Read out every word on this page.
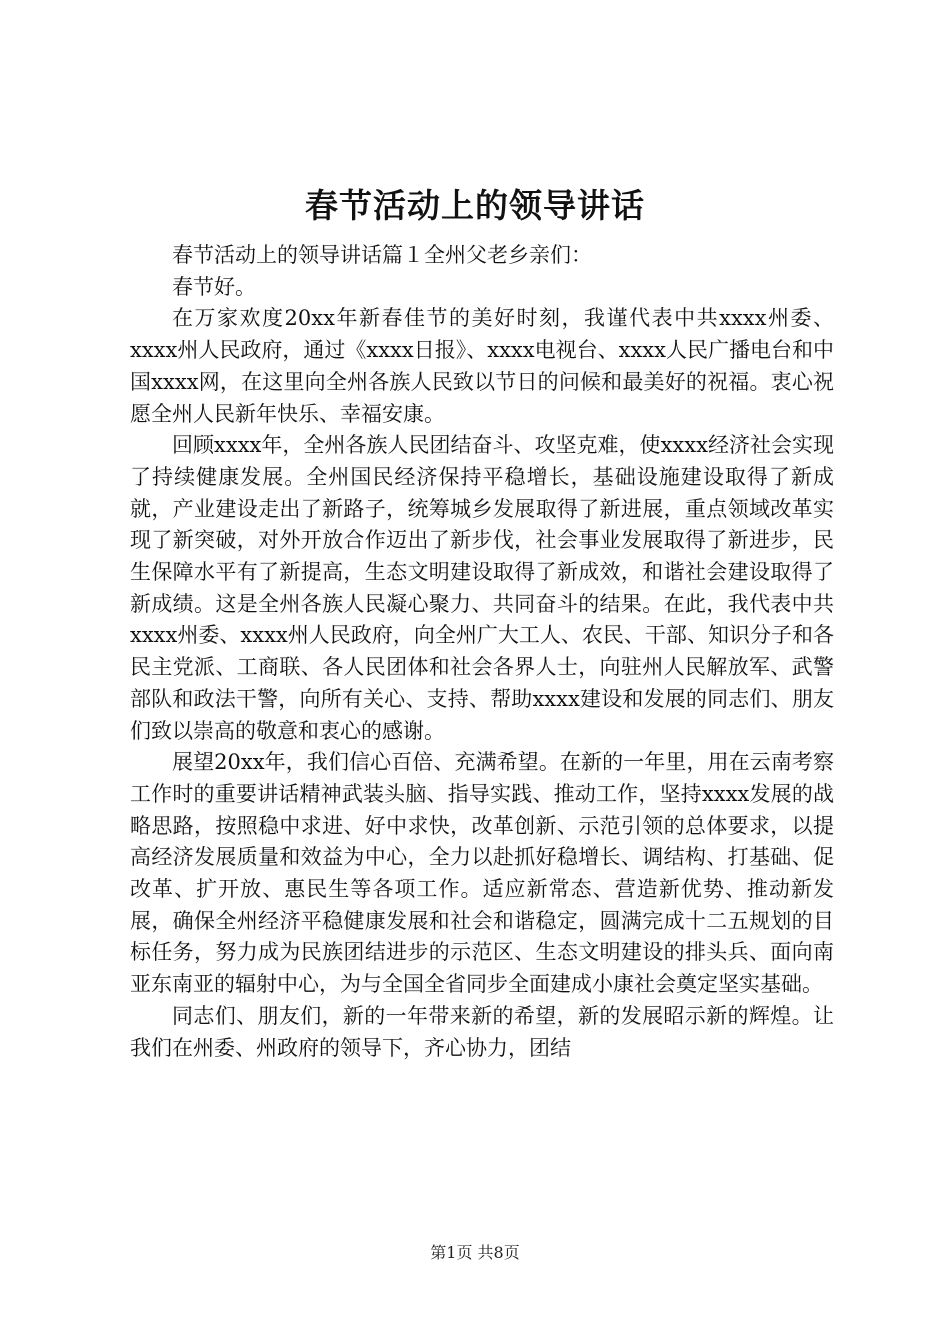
春节活动上的领导讲话

春节活动上的领导讲话篇１全州父老乡亲们：

春节好。

在万家欢度20xx年新春佳节的美好时刻，我谨代表中共xxxx州委、xxxx州人民政府，通过《xxxx日报》、xxxx电视台、xxxx人民广播电台和中国xxxx网，在这里向全州各族人民致以节日的问候和最美好的祝福。衷心祝愿全州人民新年快乐、幸福安康。

回顾xxxx年，全州各族人民团结奋斗、攻坚克难，使xxxx经济社会实现了持续健康发展。全州国民经济保持平稳增长，基础设施建设取得了新成就，产业建设走出了新路子，统筹城乡发展取得了新进展，重点领域改革实现了新突破，对外开放合作迈出了新步伐，社会事业发展取得了新进步，民生保障水平有了新提高，生态文明建设取得了新成效，和谐社会建设取得了新成绩。这是全州各族人民凝心聚力、共同奋斗的结果。在此，我代表中共xxxx州委、xxxx州人民政府，向全州广大工人、农民、干部、知识分子和各民主党派、工商联、各人民团体和社会各界人士，向驻州人民解放军、武警部队和政法干警，向所有关心、支持、帮助xxxx建设和发展的同志们、朋友们致以崇高的敬意和衷心的感谢。

展望20xx年，我们信心百倍、充满希望。在新的一年里，用在云南考察工作时的重要讲话精神武装头脑、指导实践、推动工作，坚持xxxx发展的战略思路，按照稳中求进、好中求快，改革创新、示范引领的总体要求，以提高经济发展质量和效益为中心，全力以赴抓好稳增长、调结构、打基础、促改革、扩开放、惠民生等各项工作。适应新常态、营造新优势、推动新发展，确保全州经济平稳健康发展和社会和谐稳定，圆满完成十二五规划的目标任务，努力成为民族团结进步的示范区、生态文明建设的排头兵、面向南亚东南亚的辐射中心，为与全国全省同步全面建成小康社会奠定坚实基础。

同志们、朋友们，新的一年带来新的希望，新的发展昭示新的辉煌。让我们在州委、州政府的领导下，齐心协力，团结

第1页 共8页
